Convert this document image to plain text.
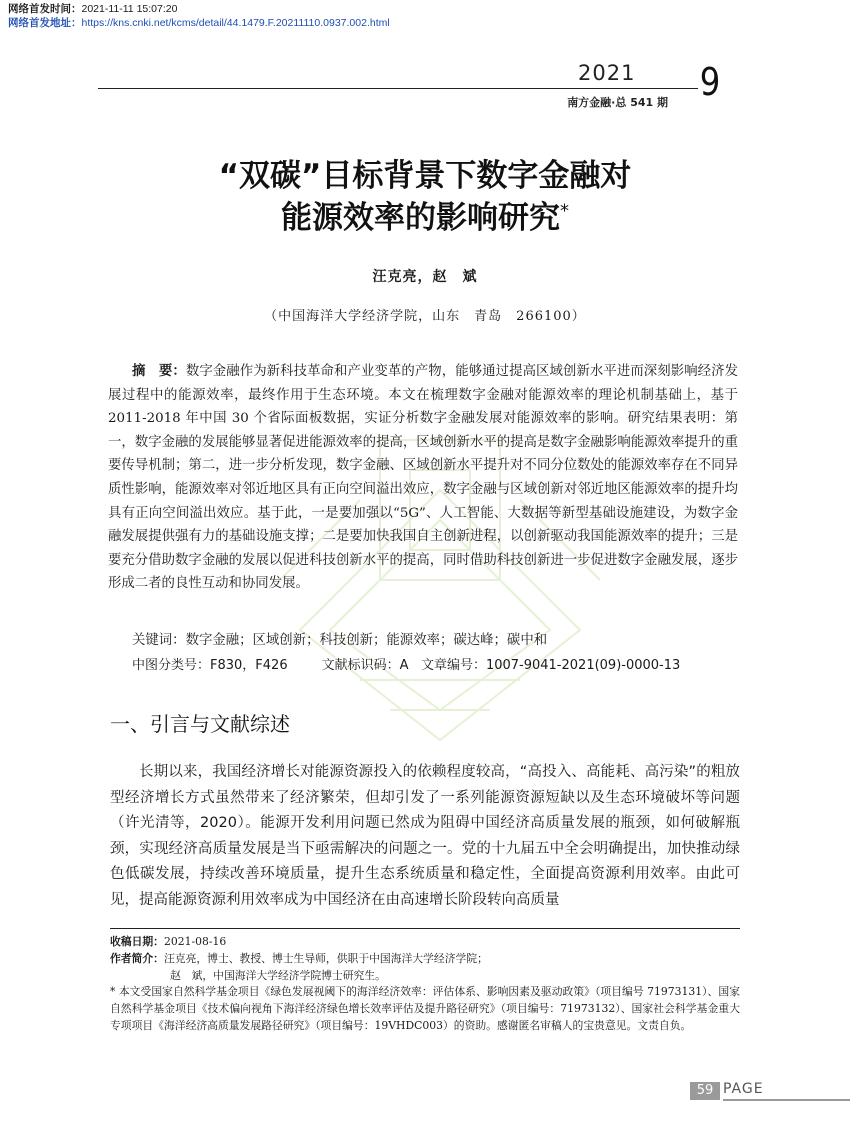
网络首发时间：2021-11-11 15:07:20
网络首发地址：https://kns.cnki.net/kcms/detail/44.1479.F.20211110.0937.002.html
2021 9
南方金融·总 541 期
“双碳”目标背景下数字金融对
能源效率的影响研究*
汪克亮，赵　斌
（中国海洋大学经济学院，山东　青岛　266100）
摘　要：数字金融作为新科技革命和产业变革的产物，能够通过提高区域创新水平进而深刻影响经济发展过程中的能源效率，最终作用于生态环境。本文在梳理数字金融对能源效率的理论机制基础上，基于 2011-2018 年中国 30 个省际面板数据，实证分析数字金融发展对能源效率的影响。研究结果表明：第一，数字金融的发展能够显著促进能源效率的提高，区域创新水平的提高是数字金融影响能源效率提升的重要传导机制；第二，进一步分析发现，数字金融、区域创新水平提升对不同分位数处的能源效率存在不同异质性影响，能源效率对邻近地区具有正向空间溢出效应，数字金融与区域创新对邻近地区能源效率的提升均具有正向空间溢出效应。基于此，一是要加强以“5G”、人工智能、大数据等新型基础设施建设，为数字金融发展提供强有力的基础设施支撑；二是要加快我国自主创新进程，以创新驱动我国能源效率的提升；三是要充分借助数字金融的发展以促进科技创新水平的提高，同时借助科技创新进一步促进数字金融发展，逐步形成二者的良性互动和协同发展。
关键词：数字金融；区域创新；科技创新；能源效率；碳达峰；碳中和
中图分类号：F830，F426	文献标识码：A 文章编号：1007-9041-2021(09)-0000-13
一、引言与文献综述
长期以来，我国经济增长对能源资源投入的依赖程度较高，“高投入、高能耗、高污染”的粗放型经济增长方式虽然带来了经济繁荣，但却引发了一系列能源资源短缺以及生态环境破坏等问题（许光清等，2020）。能源开发利用问题已然成为阻碍中国经济高质量发展的瓶颈，如何破解瓶颈，实现经济高质量发展是当下亟需解决的问题之一。党的十九届五中全会明确提出，加快推动绿色低碳发展，持续改善环境质量，提升生态系统质量和稳定性，全面提高资源利用效率。由此可见，提高能源资源利用效率成为中国经济在由高速增长阶段转向高质量
收稿日期：2021-08-16
作者简介：汪克亮，博士、教授、博士生导师，供职于中国海洋大学经济学院；
赵　斌，中国海洋大学经济学院博士研究生。
* 本文受国家自然科学基金项目《绿色发展视阈下的海洋经济效率：评估体系、影响因素及驱动政策》（项目编号 71973131）、国家自然科学基金项目《技术偏向视角下海洋经济绿色增长效率评估及提升路径研究》（项目编号：71973132）、国家社会科学基金重大专项项目《海洋经济高质量发展路径研究》（项目编号：19VHDC003）的资助。感谢匿名审稿人的宝贵意见。文责自负。
59 PAGE
